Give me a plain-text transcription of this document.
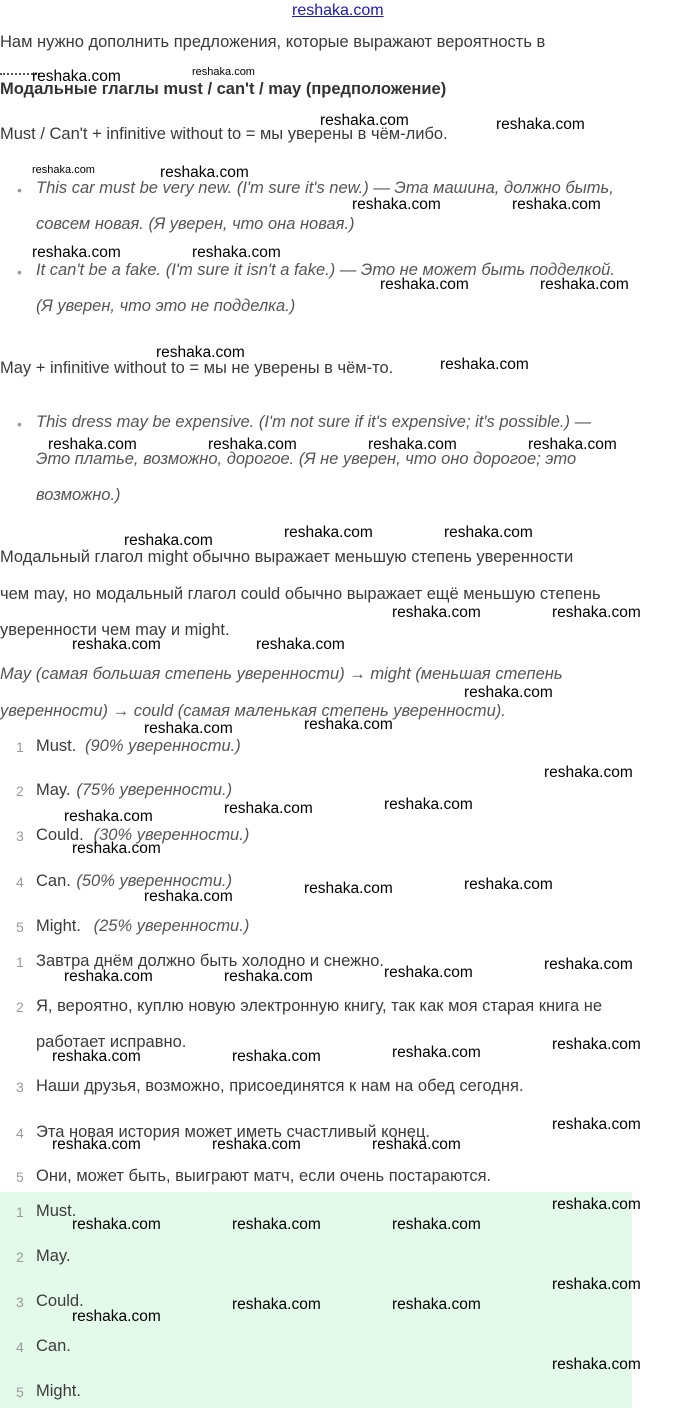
reshaka.com
Нам нужно дополнить предложения, которые выражают вероятность в
Модальные глаглы must / can't / may (предположение)
Must / Can't + infinitive without to = мы уверены в чём-либо.
• This car must be very new. (I'm sure it's new.) — Эта машина, должно быть,
совсем новая. (Я уверен, что она новая.)
• It can't be a fake. (I'm sure it isn't a fake.) — Это не может быть подделкой.
(Я уверен, что это не подделка.)
May + infinitive without to = мы не уверены в чём-то.
• This dress may be expensive. (I'm not sure if it's expensive; it's possible.) —
Это платье, возможно, дорогое. (Я не уверен, что оно дорогое; это
возможно.)
Модальный глагол might обычно выражает меньшую степень уверенности
чем may, но модальный глагол could обычно выражает ещё меньшую степень
уверенности чем may и might.
May (самая большая степень уверенности) → might (меньшая степень
уверенности) → could (самая маленькая степень уверенности).
1 Must. (90% уверенности.)
2 May. (75% уверенности.)
3 Could. (30% уверенности.)
4 Can. (50% уверенности.)
5 Might. (25% уверенности.)
1 Завтра днём должно быть холодно и снежно.
2 Я, вероятно, куплю новую электронную книгу, так как моя старая книга не
работает исправно.
3 Наши друзья, возможно, присоединятся к нам на обед сегодня.
4 Эта новая история может иметь счастливый конец.
5 Они, может быть, выиграют матч, если очень постараются.
1 Must.
2 May.
3 Could.
4 Can.
5 Might.
reshaka.com	reshaka.com
reshaka.com	reshaka.com
reshaka.com	reshaka.com
reshaka.com	reshaka.com
reshaka.com	reshaka.com
reshaka.com	reshaka.com
reshaka.com
reshaka.com
reshaka.com	reshaka.com	reshaka.com	reshaka.com
reshaka.com	reshaka.com	reshaka.com
reshaka.com	reshaka.com
reshaka.com	reshaka.com
reshaka.com
reshaka.com	reshaka.com
reshaka.com
reshaka.com	reshaka.com	reshaka.com
reshaka.com
reshaka.com	reshaka.com	reshaka.com
reshaka.com	reshaka.com	reshaka.com	reshaka.com
reshaka.com	reshaka.com	reshaka.com	reshaka.com
reshaka.com	reshaka.com	reshaka.com
reshaka.com
reshaka.com	reshaka.com	reshaka.com
reshaka.com
reshaka.com
reshaka.com
reshaka.com	reshaka.com
reshaka.com
